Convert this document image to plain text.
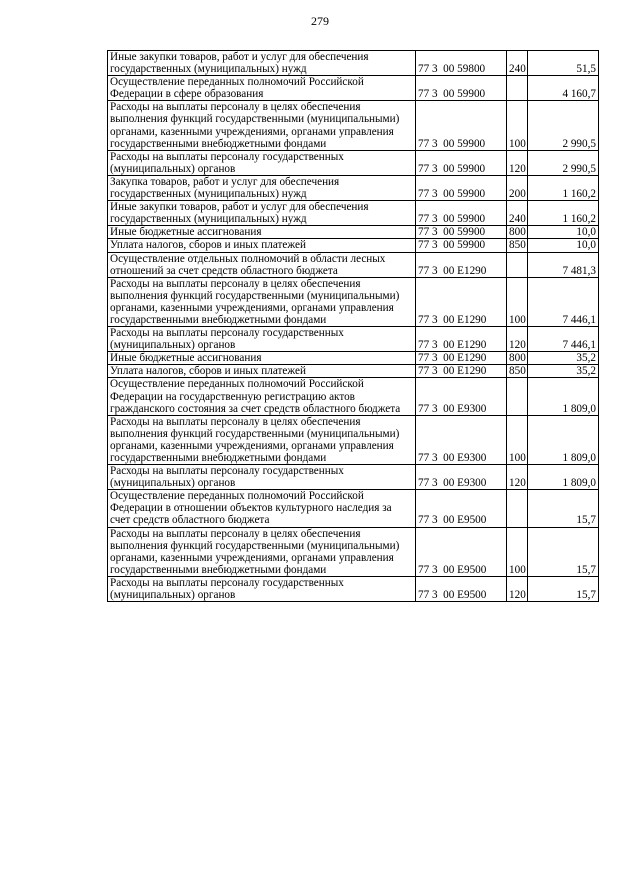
279
Иные закупки товаров, работ и услуг для обеспечения государственных (муниципальных) нужд	77 3  00 59800	240	51,5
Осуществление переданных полномочий Российской Федерации в сфере образования	77 3  00 59900		4 160,7
Расходы на выплаты персоналу в целях обеспечения выполнения функций государственными (муниципальными) органами, казенными учреждениями, органами управления государственными внебюджетными фондами	77 3  00 59900	100	2 990,5
Расходы на выплаты персоналу государственных (муниципальных) органов	77 3  00 59900	120	2 990,5
Закупка товаров, работ и услуг для обеспечения государственных (муниципальных) нужд	77 3  00 59900	200	1 160,2
Иные закупки товаров, работ и услуг для обеспечения государственных (муниципальных) нужд	77 3  00 59900	240	1 160,2
Иные бюджетные ассигнования	77 3  00 59900	800	10,0
Уплата налогов, сборов и иных платежей	77 3  00 59900	850	10,0
Осуществление отдельных полномочий в области лесных отношений за счет средств областного бюджета	77 3  00 Е1290		7 481,3
Расходы на выплаты персоналу в целях обеспечения выполнения функций государственными (муниципальными) органами, казенными учреждениями, органами управления государственными внебюджетными фондами	77 3  00 Е1290	100	7 446,1
Расходы на выплаты персоналу государственных (муниципальных) органов	77 3  00 Е1290	120	7 446,1
Иные бюджетные ассигнования	77 3  00 Е1290	800	35,2
Уплата налогов, сборов и иных платежей	77 3  00 Е1290	850	35,2
Осуществление переданных полномочий Российской Федерации на государственную регистрацию актов гражданского состояния за счет средств областного бюджета	77 3  00 Е9300		1 809,0
Расходы на выплаты персоналу в целях обеспечения выполнения функций государственными (муниципальными) органами, казенными учреждениями, органами управления государственными внебюджетными фондами	77 3  00 Е9300	100	1 809,0
Расходы на выплаты персоналу государственных (муниципальных) органов	77 3  00 Е9300	120	1 809,0
Осуществление переданных полномочий Российской Федерации в отношении объектов культурного наследия за счет средств областного бюджета	77 3  00 Е9500		15,7
Расходы на выплаты персоналу в целях обеспечения выполнения функций государственными (муниципальными) органами, казенными учреждениями, органами управления государственными внебюджетными фондами	77 3  00 Е9500	100	15,7
Расходы на выплаты персоналу государственных (муниципальных) органов	77 3  00 Е9500	120	15,7
